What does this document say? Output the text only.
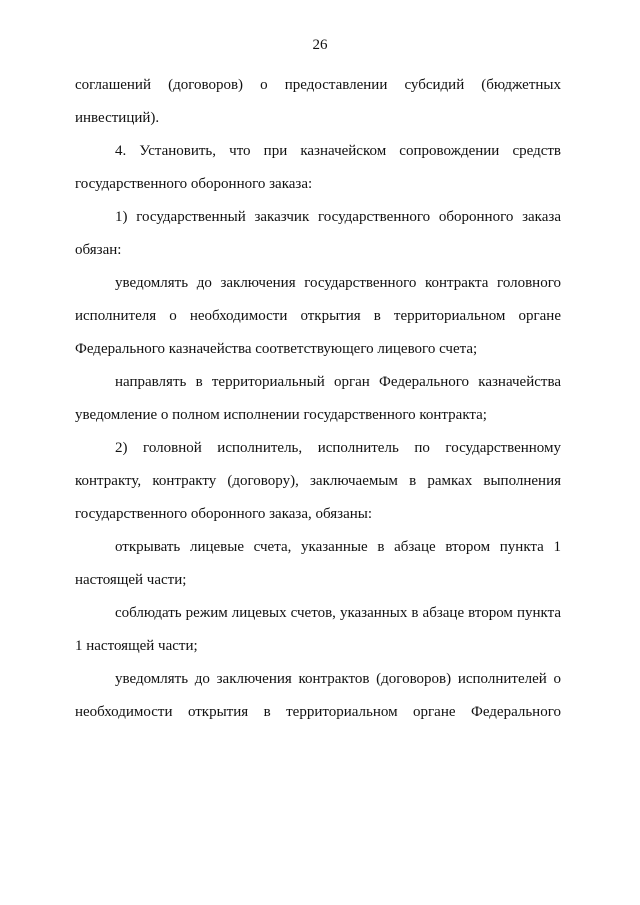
26

соглашений (договоров) о предоставлении субсидий (бюджетных
инвестиций).
4. Установить, что при казначейском сопровождении средств
государственного оборонного заказа:
1) государственный заказчик государственного оборонного заказа
обязан:
уведомлять до заключения государственного контракта головного
исполнителя о необходимости открытия в территориальном органе
Федерального казначейства соответствующего лицевого счета;
направлять в территориальный орган Федерального казначейства
уведомление о полном исполнении государственного контракта;
2) головной исполнитель, исполнитель по государственному
контракту, контракту (договору), заключаемым в рамках выполнения
государственного оборонного заказа, обязаны:
открывать лицевые счета, указанные в абзаце втором пункта 1
настоящей части;
соблюдать режим лицевых счетов, указанных в абзаце втором пункта
1 настоящей части;
уведомлять до заключения контрактов (договоров) исполнителей о
необходимости открытия в территориальном органе Федерального
